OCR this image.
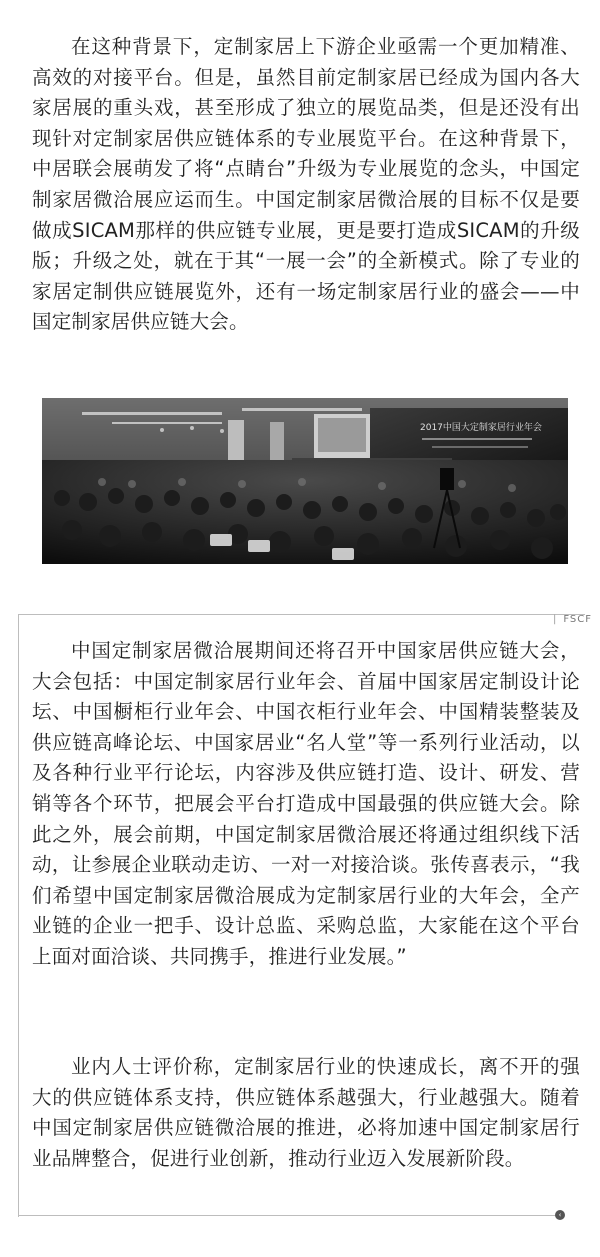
在这种背景下，定制家居上下游企业亟需一个更加精准、高效的对接平台。但是，虽然目前定制家居已经成为国内各大家居展的重头戏，甚至形成了独立的展览品类，但是还没有出现针对定制家居供应链体系的专业展览平台。在这种背景下，中居联会展萌发了将“点睛台”升级为专业展览的念头，中国定制家居微洽展应运而生。中国定制家居微洽展的目标不仅是要做成SICAM那样的供应链专业展，更是要打造成SICAM的升级版；升级之处，就在于其“一展一会”的全新模式。除了专业的家居定制供应链展览外，还有一场定制家居行业的盛会——中国定制家居供应链大会。

2017中国大定制家居行业年会
| FSCF

中国定制家居微洽展期间还将召开中国家居供应链大会，大会包括：中国定制家居行业年会、首届中国家居定制设计论坛、中国橱柜行业年会、中国衣柜行业年会、中国精装整装及供应链高峰论坛、中国家居业“名人堂”等一系列行业活动，以及各种行业平行论坛，内容涉及供应链打造、设计、研发、营销等各个环节，把展会平台打造成中国最强的供应链大会。除此之外，展会前期，中国定制家居微洽展还将通过组织线下活动，让参展企业联动走访、一对一对接洽谈。张传喜表示，“我们希望中国定制家居微洽展成为定制家居行业的大年会，全产业链的企业一把手、设计总监、采购总监，大家能在这个平台上面对面洽谈、共同携手，推进行业发展。”

业内人士评价称，定制家居行业的快速成长，离不开的强大的供应链体系支持，供应链体系越强大，行业越强大。随着中国定制家居供应链微洽展的推进，必将加速中国定制家居行业品牌整合，促进行业创新，推动行业迈入发展新阶段。

‹
